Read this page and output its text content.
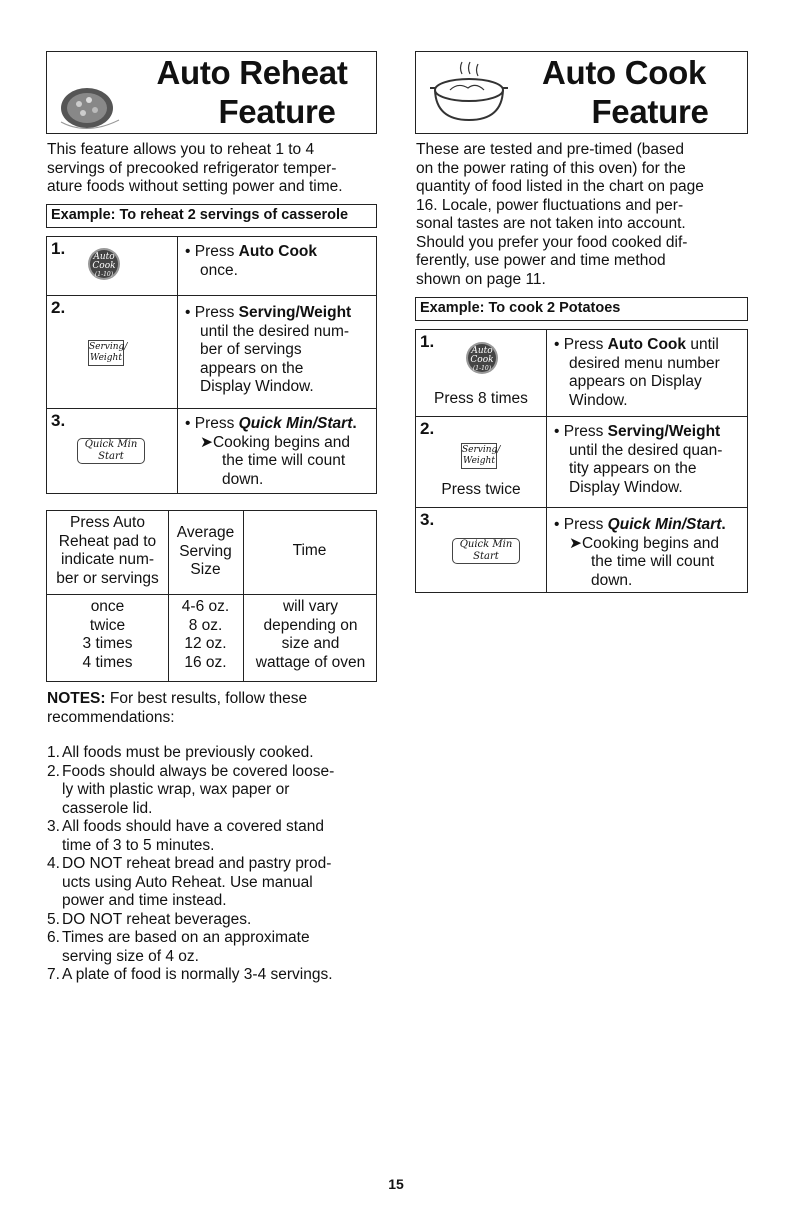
Auto Reheat
Feature

This feature allows you to reheat 1 to 4

servings of precooked refrigerator temper-

ature foods without setting power and time.

Example: To reheat 2 servings of casserole
1.	Auto
Cook
(1-10)
• Press Auto Cook
once.
2.
Serving/
Weight
• Press Serving/Weight
until the desired num-
ber of servings
appears on the
Display Window.
3.
Quick Min
Start
• Press Quick Min/Start.
➤Cooking begins and
the time will count
down.
Press Auto
Reheat pad to
indicate num-
ber or servings
Average
Serving
Size
Time
once
twice
3 times
4 times
4-6 oz.
8 oz.
12 oz.
16 oz.
will vary
depending on
size and
wattage of oven

NOTES: For best results, follow these

recommendations:

1. All foods must be previously cooked.
2. Foods should always be covered loose-
ly with plastic wrap, wax paper or
casserole lid.
3. All foods should have a covered stand
time of 3 to 5 minutes.
4. DO NOT reheat bread and pastry prod-
ucts using Auto Reheat. Use manual
power and time instead.
5. DO NOT reheat beverages.
6. Times are based on an approximate
serving size of 4 oz.
7. A plate of food is normally 3-4 servings.
Auto Cook
Feature

These are tested and pre-timed (based

on the power rating of this oven) for the

quantity of food listed in the chart on page

16. Locale, power fluctuations and per-

sonal tastes are not taken into account.

Should you prefer your food cooked dif-

ferently, use power and time method

shown on page 11.

Example: To cook 2 Potatoes
1.	Auto
Cook
(1-10)
Press 8 times
• Press Auto Cook until
desired menu number
appears on Display
Window.
2.
Serving/
Weight
Press twice
• Press Serving/Weight
until the desired quan-
tity appears on the
Display Window.
3.
Quick Min
Start
• Press Quick Min/Start.
➤Cooking begins and
the time will count
down.
15
